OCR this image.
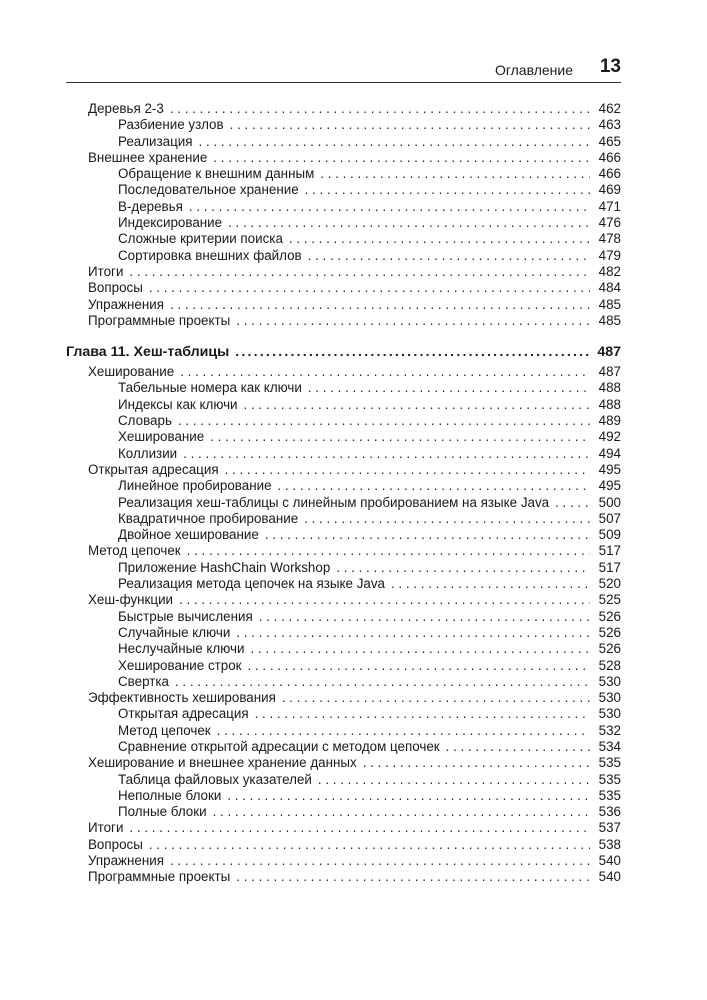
Оглавление 13
Деревья 2-3 . . .	462
Разбиение узлов . . .	463
Реализация . . .	465
Внешнее хранение . . .	466
Обращение к внешним данным . . .	466
Последовательное хранение . . .	469
В-деревья . . .	471
Индексирование . . .	476
Сложные критерии поиска . . .	478
Сортировка внешних файлов . . .	479
Итоги . . .	482
Вопросы . . .	484
Упражнения . . .	485
Программные проекты . . .	485
Глава 11. Хеш-таблицы .....	487
Хеширование . . .	487
Табельные номера как ключи . . .	488
Индексы как ключи . . .	488
Словарь . . .	489
Хеширование . . .	492
Коллизии . . .	494
Открытая адресация . . .	495
Линейное пробирование . . .	495
Реализация хеш-таблицы с линейным пробированием на языке Java . . .	500
Квадратичное пробирование . . .	507
Двойное хеширование . . .	509
Метод цепочек . . .	517
Приложение HashChain Workshop . . .	517
Реализация метода цепочек на языке Java . . .	520
Хеш-функции . . .	525
Быстрые вычисления . . .	526
Случайные ключи . . .	526
Неслучайные ключи . . .	526
Хеширование строк . . .	528
Свертка . . .	530
Эффективность хеширования . . .	530
Открытая адресация . . .	530
Метод цепочек . . .	532
Сравнение открытой адресации с методом цепочек . . .	534
Хеширование и внешнее хранение данных . . .	535
Таблица файловых указателей . . .	535
Неполные блоки . . .	535
Полные блоки . . .	536
Итоги . . .	537
Вопросы . . .	538
Упражнения . . .	540
Программные проекты . . .	540
